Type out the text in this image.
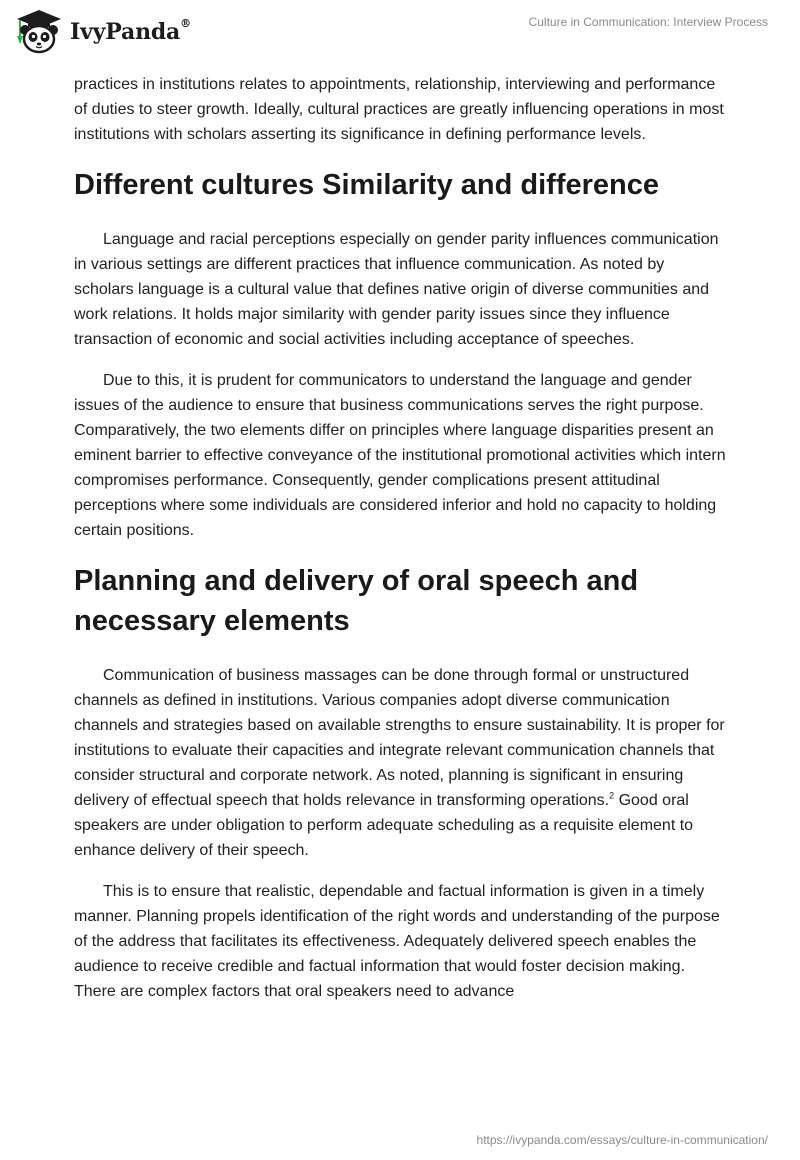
IvyPanda®	Culture in Communication: Interview Process

practices in institutions relates to appointments, relationship, interviewing and performance of duties to steer growth. Ideally, cultural practices are greatly influencing operations in most institutions with scholars asserting its significance in defining performance levels.

Different cultures Similarity and difference

Language and racial perceptions especially on gender parity influences communication in various settings are different practices that influence communication. As noted by scholars language is a cultural value that defines native origin of diverse communities and work relations. It holds major similarity with gender parity issues since they influence transaction of economic and social activities including acceptance of speeches.

Due to this, it is prudent for communicators to understand the language and gender issues of the audience to ensure that business communications serves the right purpose. Comparatively, the two elements differ on principles where language disparities present an eminent barrier to effective conveyance of the institutional promotional activities which intern compromises performance. Consequently, gender complications present attitudinal perceptions where some individuals are considered inferior and hold no capacity to holding certain positions.

Planning and delivery of oral speech and necessary elements

Communication of business massages can be done through formal or unstructured channels as defined in institutions. Various companies adopt diverse communication channels and strategies based on available strengths to ensure sustainability. It is proper for institutions to evaluate their capacities and integrate relevant communication channels that consider structural and corporate network. As noted, planning is significant in ensuring delivery of effectual speech that holds relevance in transforming operations.$^2$ Good oral speakers are under obligation to perform adequate scheduling as a requisite element to enhance delivery of their speech.

This is to ensure that realistic, dependable and factual information is given in a timely manner. Planning propels identification of the right words and understanding of the purpose of the address that facilitates its effectiveness. Adequately delivered speech enables the audience to receive credible and factual information that would foster decision making. There are complex factors that oral speakers need to advance

https://ivypanda.com/essays/culture-in-communication/
